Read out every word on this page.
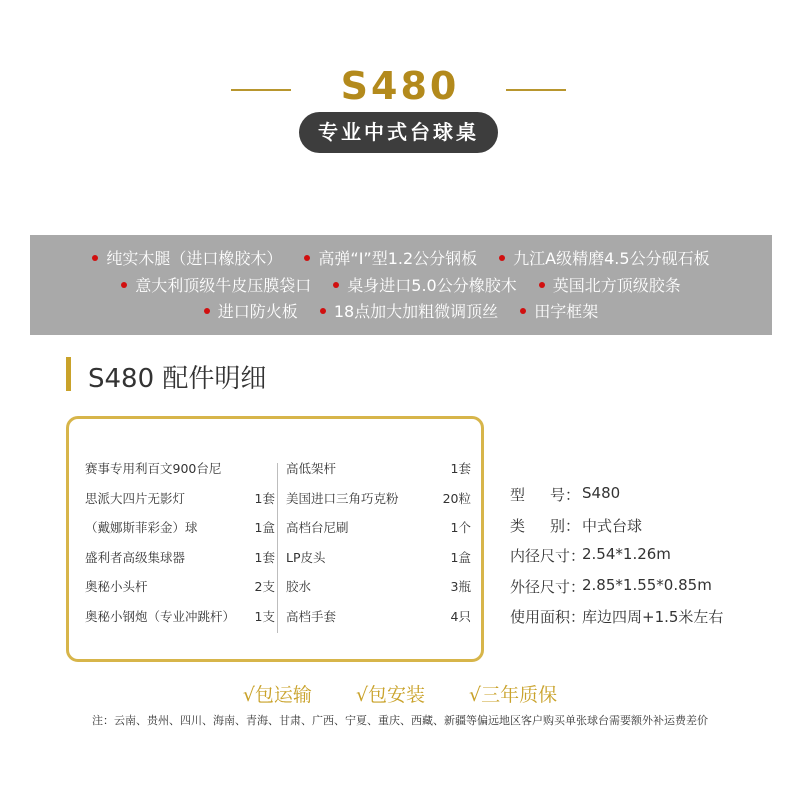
S480
专业中式台球桌
纯实木腿（进口橡胶木） 高弹“I”型1.2公分钢板 九江A级精磨4.5公分砚石板
意大利顶级牛皮压膜袋口 桌身进口5.0公分橡胶木 英国北方顶级胶条
进口防火板 18点加大加粗微调顶丝 田字框架
S480 配件明细
赛事专用利百文900台尼
思派大四片无影灯	1套
（戴娜斯菲彩金）球	1盒
盛利者高级集球器	1套
奥秘小头杆	2支
奥秘小钢炮（专业冲跳杆） 1支
高低架杆	1套
美国进口三角巧克粉	20粒
高档台尼刷	1个
LP皮头	1盒
胶水	3瓶
高档手套	4只
型 号： S480
类 别： 中式台球
内径尺寸：
2.54*1.26m
外径尺寸：
2.85*1.55*0.85m
使用面积：
库边四周+1.5米左右
√包运输 √包安装 √三年质保
注：云南、贵州、四川、海南、青海、甘肃、广西、宁夏、重庆、西藏、新疆等偏远地区客户购买单张球台需要额外补运费差价
